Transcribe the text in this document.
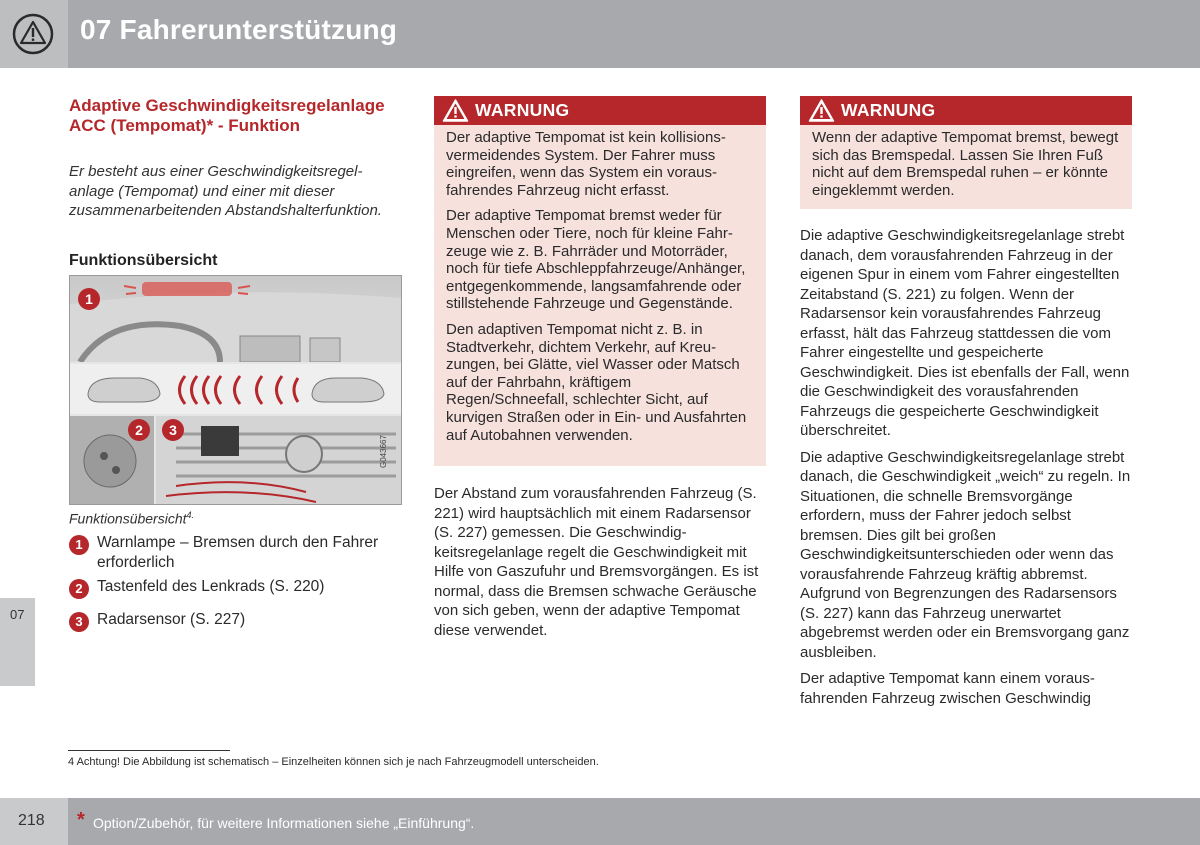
07 Fahrerunterstützung
07
Adaptive Geschwindigkeitsregelanlage ACC (Tempomat)* - Funktion
Er besteht aus einer Geschwindigkeitsregelanlage (Tempomat) und einer mit dieser zusammenarbeitenden Abstandshalterfunktion.
Funktionsübersicht
1
2	3
G043667
Funktionsübersicht$^{4.}$
1 Warnlampe – Bremsen durch den Fahrer erforderlich
2 Tastenfeld des Lenkrads (S. 220)
3 Radarsensor (S. 227)
WARNUNG

Der adaptive Tempomat ist kein kollisionsvermeidendes System. Der Fahrer muss eingreifen, wenn das System ein vorausfahrendes Fahrzeug nicht erfasst.

Der adaptive Tempomat bremst weder für Menschen oder Tiere, noch für kleine Fahrzeuge wie z. B. Fahrräder und Motorräder, noch für tiefe Abschleppfahrzeuge/Anhänger, entgegenkommende, langsamfahrende oder stillstehende Fahrzeuge und Gegenstände.

Den adaptiven Tempomat nicht z. B. in Stadtverkehr, dichtem Verkehr, auf Kreuzungen, bei Glätte, viel Wasser oder Matsch auf der Fahrbahn, kräftigem Regen/Schneefall, schlechter Sicht, auf kurvigen Straßen oder in Ein- und Ausfahrten auf Autobahnen verwenden.

Der Abstand zum vorausfahrenden Fahrzeug (S. 221) wird hauptsächlich mit einem Radarsensor (S. 227) gemessen. Die Geschwindigkeitsregelanlage regelt die Geschwindigkeit mit Hilfe von Gaszufuhr und Bremsvorgängen. Es ist normal, dass die Bremsen schwache Geräusche von sich geben, wenn der adaptive Tempomat diese verwendet.

WARNUNG

Wenn der adaptive Tempomat bremst, bewegt sich das Bremspedal. Lassen Sie Ihren Fuß nicht auf dem Bremspedal ruhen – er könnte eingeklemmt werden.

Die adaptive Geschwindigkeitsregelanlage strebt danach, dem vorausfahrenden Fahrzeug in der eigenen Spur in einem vom Fahrer eingestellten Zeitabstand (S. 221) zu folgen. Wenn der Radarsensor kein vorausfahrendes Fahrzeug erfasst, hält das Fahrzeug stattdessen die vom Fahrer eingestellte und gespeicherte Geschwindigkeit. Dies ist ebenfalls der Fall, wenn die Geschwindigkeit des vorausfahrenden Fahrzeugs die gespeicherte Geschwindigkeit überschreitet.

Die adaptive Geschwindigkeitsregelanlage strebt danach, die Geschwindigkeit „weich“ zu regeln. In Situationen, die schnelle Bremsvorgänge erfordern, muss der Fahrer jedoch selbst bremsen. Dies gilt bei großen Geschwindigkeitsunterschieden oder wenn das vorausfahrende Fahrzeug kräftig abbremst. Aufgrund von Begrenzungen des Radarsensors (S. 227) kann das Fahrzeug unerwartet abgebremst werden oder ein Bremsvorgang ganz ausbleiben.

Der adaptive Tempomat kann einem vorausfahrenden Fahrzeug zwischen Geschwindig

4 Achtung! Die Abbildung ist schematisch – Einzelheiten können sich je nach Fahrzeugmodell unterscheiden.
218 * Option/Zubehör, für weitere Informationen siehe „Einführung“.
